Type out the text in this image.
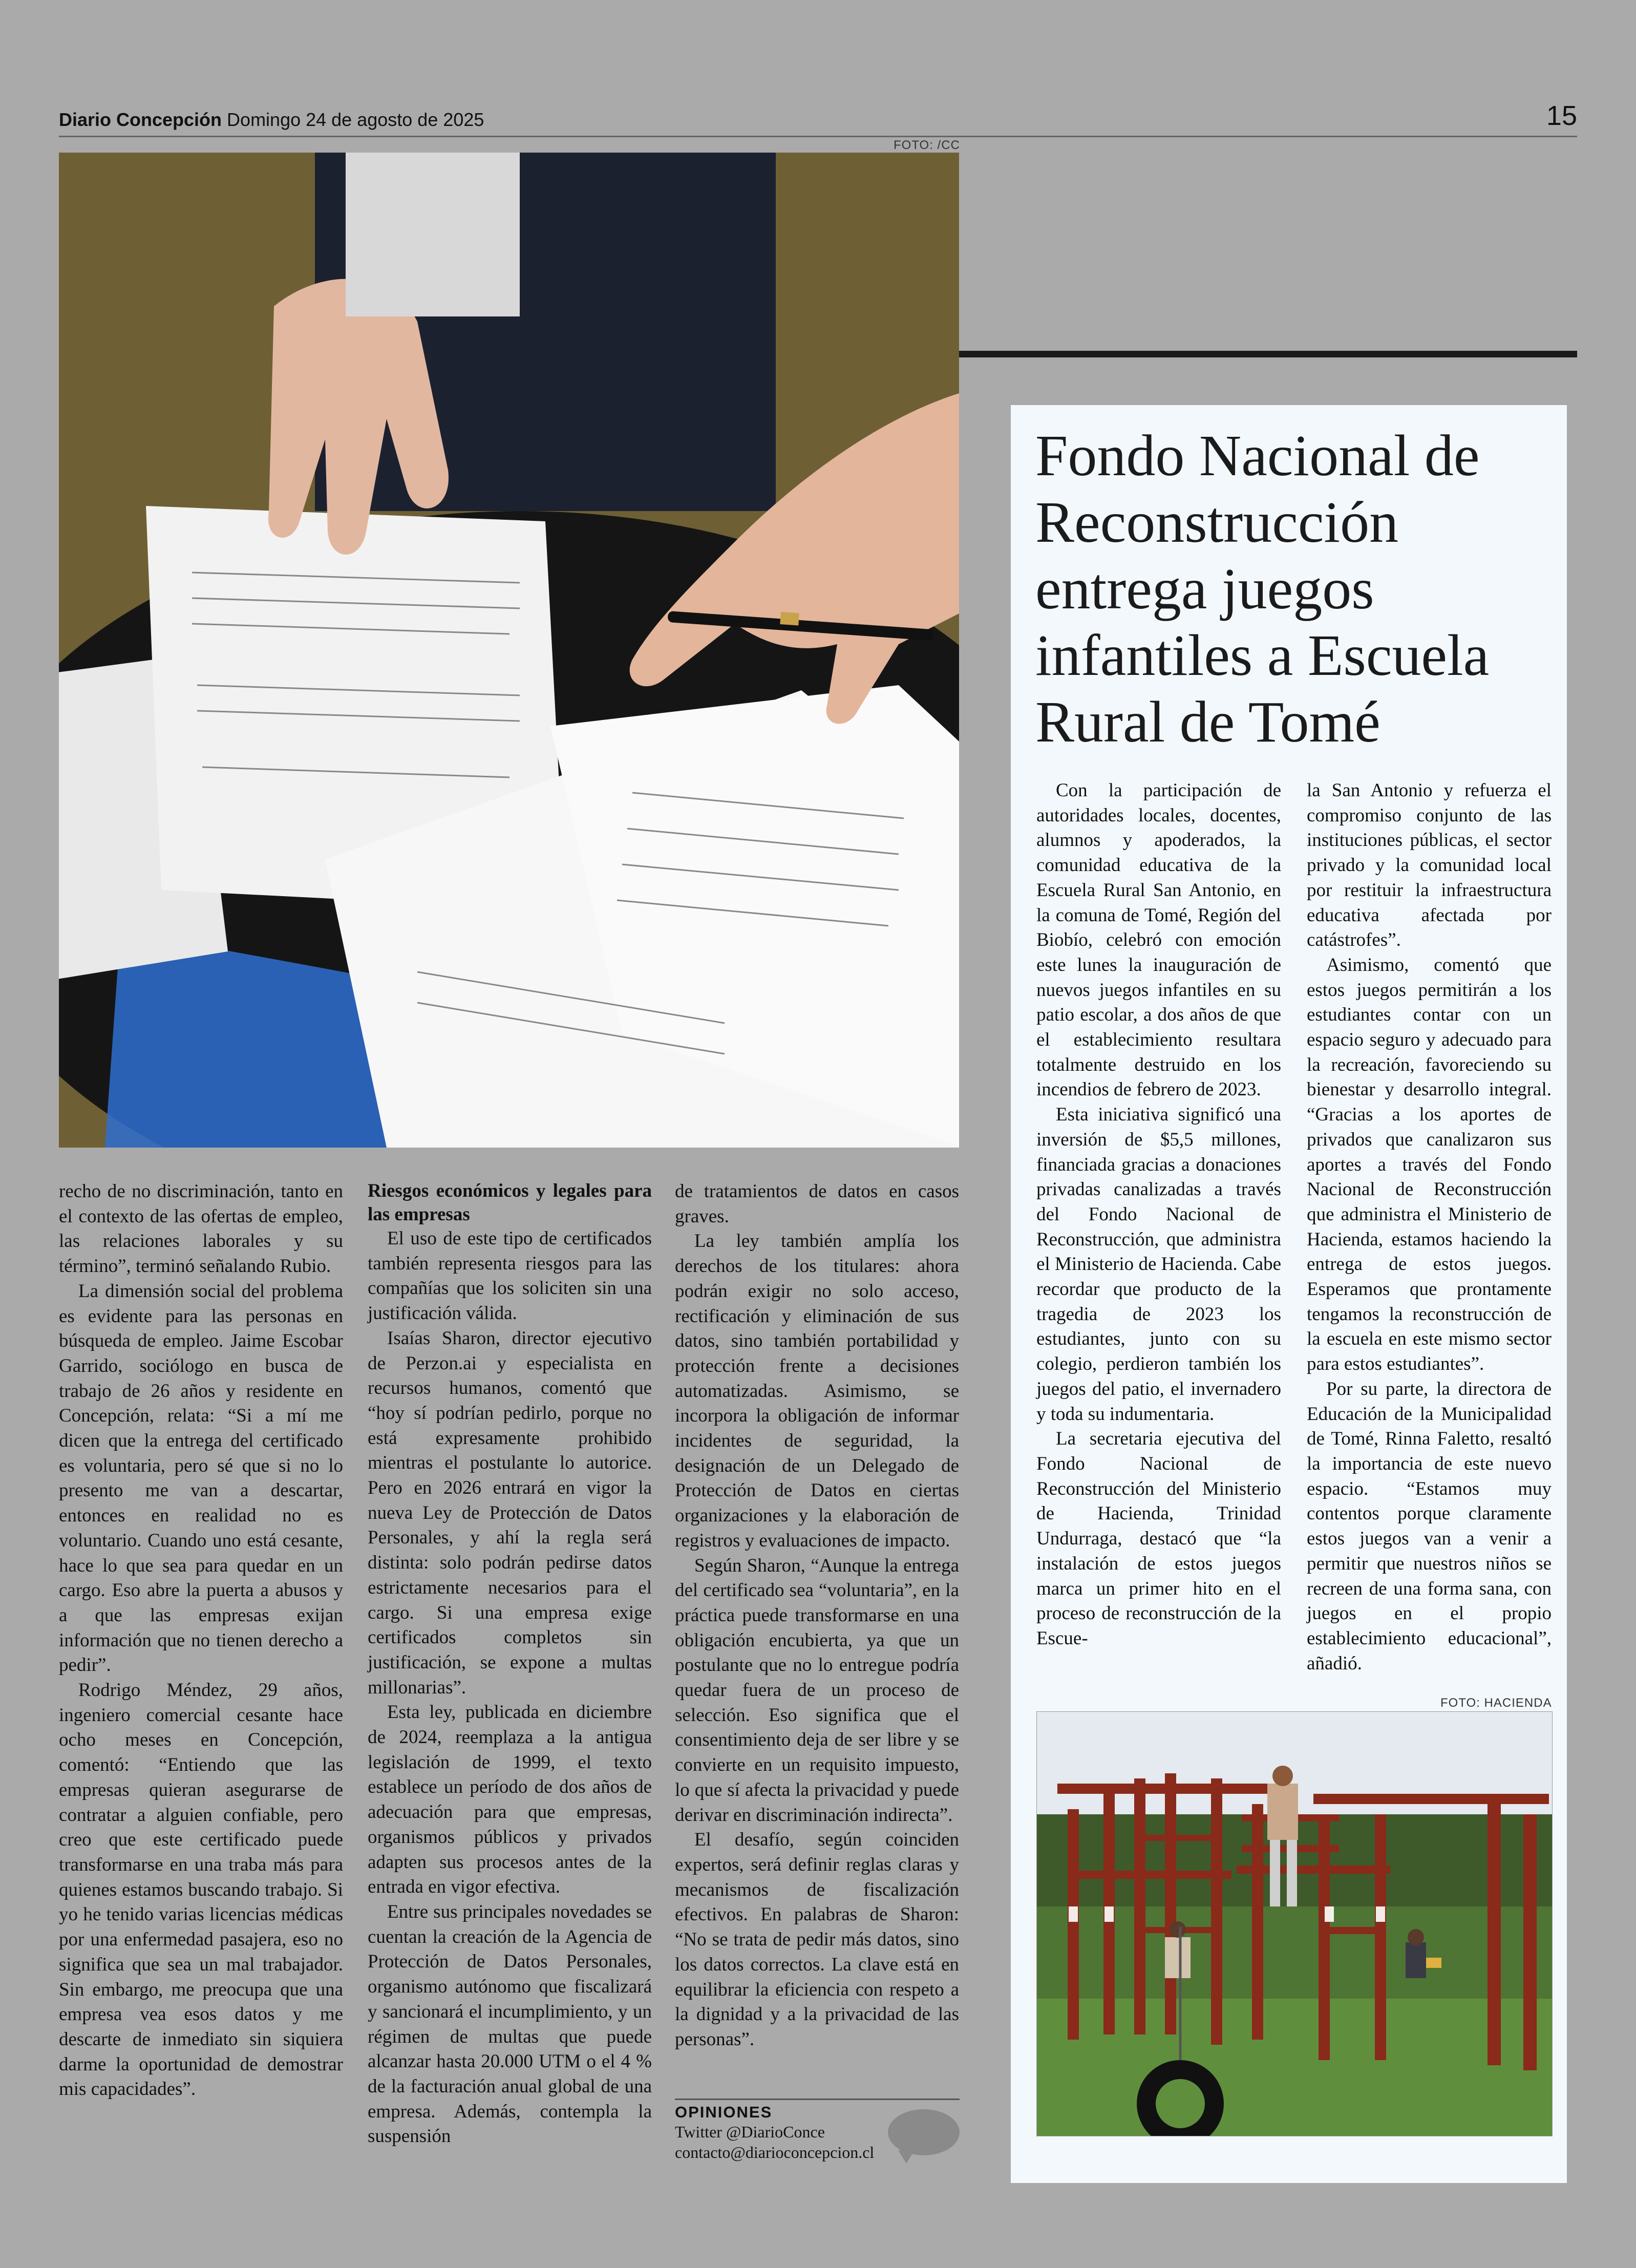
Diario Concepción Domingo 24 de agosto de 2025	15
FOTO: /CC
Fondo Nacional de Reconstrucción entrega juegos infantiles a Escuela Rural de Tomé

Con la participación de autoridades locales, docentes, alumnos y apoderados, la comunidad educativa de la Escuela Rural San Antonio, en la comuna de Tomé, Región del Biobío, celebró con emoción este lunes la inauguración de nuevos juegos infantiles en su patio escolar, a dos años de que el establecimiento resultara totalmente destruido en los incendios de febrero de 2023.

Esta iniciativa significó una inversión de $5,5 millones, financiada gracias a donaciones privadas canalizadas a través del Fondo Nacional de Reconstrucción, que administra el Ministerio de Hacienda. Cabe recordar que producto de la tragedia de 2023 los estudiantes, junto con su colegio, perdieron también los juegos del patio, el invernadero y toda su indumentaria.

La secretaria ejecutiva del Fondo Nacional de Reconstrucción del Ministerio de Hacienda, Trinidad Undurraga, destacó que “la instalación de estos juegos marca un primer hito en el proceso de reconstrucción de la Escue-

la San Antonio y refuerza el compromiso conjunto de las instituciones públicas, el sector privado y la comunidad local por restituir la infraestructura educativa afectada por catástrofes”.

Asimismo, comentó que estos juegos permitirán a los estudiantes contar con un espacio seguro y adecuado para la recreación, favoreciendo su bienestar y desarrollo integral. “Gracias a los aportes de privados que canalizaron sus aportes a través del Fondo Nacional de Reconstrucción que administra el Ministerio de Hacienda, estamos haciendo la entrega de estos juegos. Esperamos que prontamente tengamos la reconstrucción de la escuela en este mismo sector para estos estudiantes”.

Por su parte, la directora de Educación de la Municipalidad de Tomé, Rinna Faletto, resaltó la importancia de este nuevo espacio. “Estamos muy contentos porque claramente estos juegos van a venir a permitir que nuestros niños se recreen de una forma sana, con juegos en el propio establecimiento educacional”, añadió.

FOTO: HACIENDA

recho de no discriminación, tanto en el contexto de las ofertas de empleo, las relaciones laborales y su término”, terminó señalando Rubio.

La dimensión social del problema es evidente para las personas en búsqueda de empleo. Jaime Escobar Garrido, sociólogo en busca de trabajo de 26 años y residente en Concepción, relata: “Si a mí me dicen que la entrega del certificado es voluntaria, pero sé que si no lo presento me van a descartar, entonces en realidad no es voluntario. Cuando uno está cesante, hace lo que sea para quedar en un cargo. Eso abre la puerta a abusos y a que las empresas exijan información que no tienen derecho a pedir”.

Rodrigo Méndez, 29 años, ingeniero comercial cesante hace ocho meses en Concepción, comentó: “Entiendo que las empresas quieran asegurarse de contratar a alguien confiable, pero creo que este certificado puede transformarse en una traba más para quienes estamos buscando trabajo. Si yo he tenido varias licencias médicas por una enfermedad pasajera, eso no significa que sea un mal trabajador. Sin embargo, me preocupa que una empresa vea esos datos y me descarte de inmediato sin siquiera darme la oportunidad de demostrar mis capacidades”.

Riesgos económicos y legales para las empresas

El uso de este tipo de certificados también representa riesgos para las compañías que los soliciten sin una justificación válida.

Isaías Sharon, director ejecutivo de Perzon.ai y especialista en recursos humanos, comentó que “hoy sí podrían pedirlo, porque no está expresamente prohibido mientras el postulante lo autorice. Pero en 2026 entrará en vigor la nueva Ley de Protección de Datos Personales, y ahí la regla será distinta: solo podrán pedirse datos estrictamente necesarios para el cargo. Si una empresa exige certificados completos sin justificación, se expone a multas millonarias”.

Esta ley, publicada en diciembre de 2024, reemplaza a la antigua legislación de 1999, el texto establece un período de dos años de adecuación para que empresas, organismos públicos y privados adapten sus procesos antes de la entrada en vigor efectiva.

Entre sus principales novedades se cuentan la creación de la Agencia de Protección de Datos Personales, organismo autónomo que fiscalizará y sancionará el incumplimiento, y un régimen de multas que puede alcanzar hasta 20.000 UTM o el 4 % de la facturación anual global de una empresa. Además, contempla la suspensión

de tratamientos de datos en casos graves.

La ley también amplía los derechos de los titulares: ahora podrán exigir no solo acceso, rectificación y eliminación de sus datos, sino también portabilidad y protección frente a decisiones automatizadas. Asimismo, se incorpora la obligación de informar incidentes de seguridad, la designación de un Delegado de Protección de Datos en ciertas organizaciones y la elaboración de registros y evaluaciones de impacto.

Según Sharon, “Aunque la entrega del certificado sea “voluntaria”, en la práctica puede transformarse en una obligación encubierta, ya que un postulante que no lo entregue podría quedar fuera de un proceso de selección. Eso significa que el consentimiento deja de ser libre y se convierte en un requisito impuesto, lo que sí afecta la privacidad y puede derivar en discriminación indirecta”.

El desafío, según coinciden expertos, será definir reglas claras y mecanismos de fiscalización efectivos. En palabras de Sharon: “No se trata de pedir más datos, sino los datos correctos. La clave está en equilibrar la eficiencia con respeto a la dignidad y a la privacidad de las personas”.

OPINIONES
Twitter @DiarioConce
contacto@diarioconcepcion.cl
